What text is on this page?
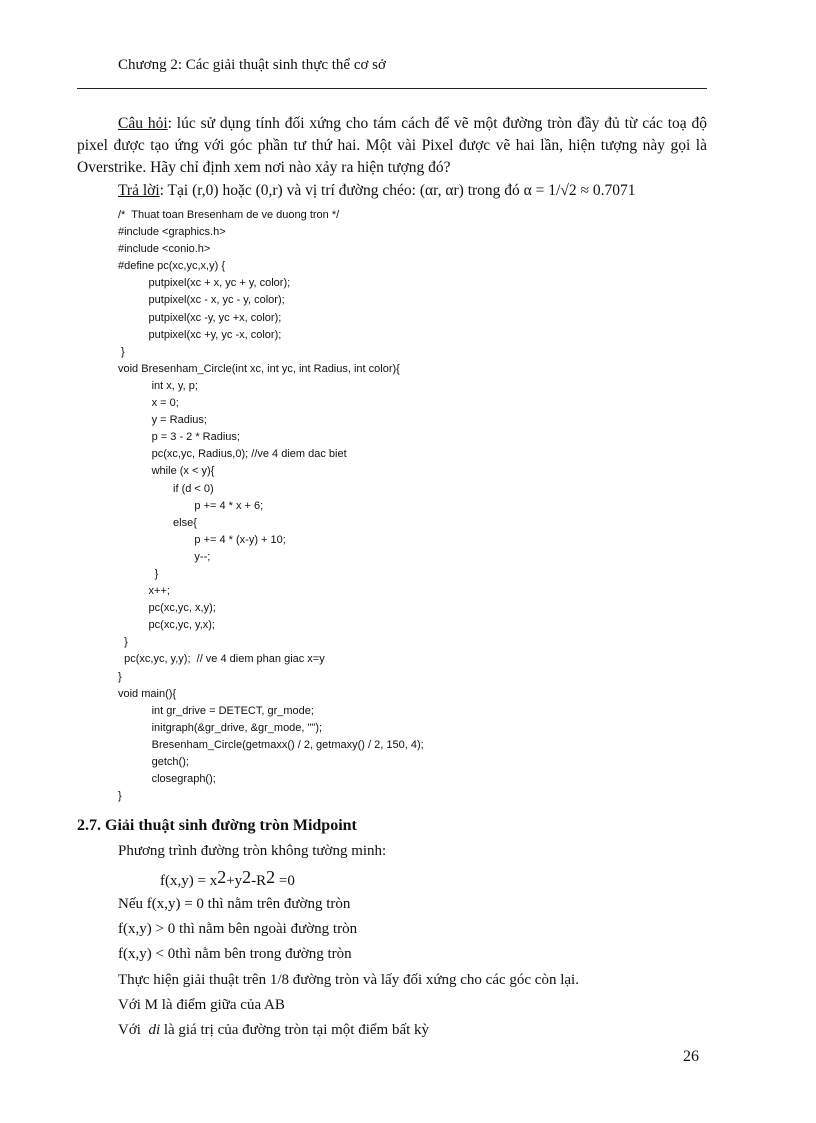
Chương 2: Các giải thuật sinh thực thể cơ sở
Câu hỏi: lúc sử dụng tính đối xứng cho tám cách để vẽ một đường tròn đầy đủ từ các toạ độ pixel được tạo ứng với góc phần tư thứ hai. Một vài Pixel được vẽ hai lần, hiện tượng này gọi là Overstrike. Hãy chỉ định xem nơi nào xảy ra hiện tượng đó?
Trả lời: Tại (r,0) hoặc (0,r) và vị trí đường chéo: (αr, αr) trong đó α = 1/√2 ≈ 0.7071
/*  Thuat toan Bresenham de ve duong tron */
#include <graphics.h>
#include <conio.h>
#define pc(xc,yc,x,y) {
putpixel(xc + x, yc + y, color);
putpixel(xc - x, yc - y, color);
putpixel(xc -y, yc +x, color);
putpixel(xc +y, yc -x, color);
}
void Bresenham_Circle(int xc, int yc, int Radius, int color){
int x, y, p;
x = 0;
y = Radius;
p = 3 - 2 * Radius;
pc(xc,yc, Radius,0); //ve 4 diem dac biet
while (x < y){
if (d < 0)
p += 4 * x + 6;
else{
p += 4 * (x-y) + 10;
y--;
}
x++;
pc(xc,yc, x,y);
pc(xc,yc, y,x);
}
pc(xc,yc, y,y);  // ve 4 diem phan giac x=y
}
void main(){
int gr_drive = DETECT, gr_mode;
initgraph(&gr_drive, &gr_mode, "");
Bresenham_Circle(getmaxx() / 2, getmaxy() / 2, 150, 4);
getch();
closegraph();
}
2.7. Giải thuật sinh đường tròn Midpoint
Phương trình đường tròn không tường minh:
f(x,y) = x2+y2-R2 =0
Nếu f(x,y) = 0 thì nằm trên đường tròn
f(x,y) > 0 thì nằm bên ngoài đường tròn
f(x,y) < 0thì nằm bên trong đường tròn
Thực hiện giải thuật trên 1/8 đường tròn và lấy đối xứng cho các góc còn lại.
Với M là điểm giữa của AB
Với  di là giá trị của đường tròn tại một điểm bất kỳ
26
